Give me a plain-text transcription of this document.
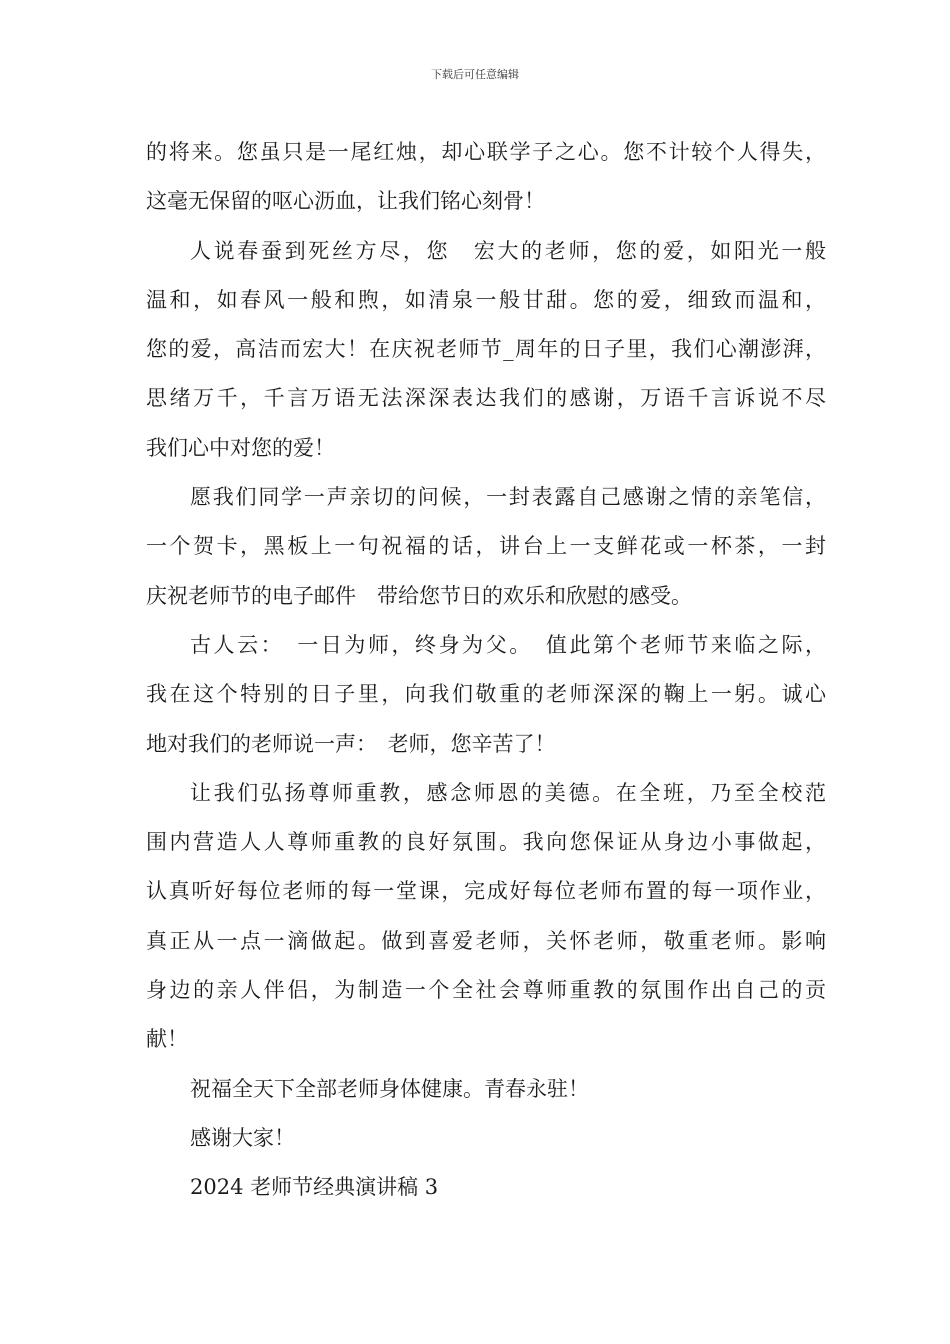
下载后可任意编辑
的将来。您虽只是一尾红烛，却心联学子之心。您不计较个人得失，
这毫无保留的呕心沥血，让我们铭心刻骨！
人说春蚕到死丝方尽，您　宏大的老师，您的爱，如阳光一般
温和，如春风一般和煦，如清泉一般甘甜。您的爱，细致而温和，
您的爱，高洁而宏大！在庆祝老师节_周年的日子里，我们心潮澎湃，
思绪万千，千言万语无法深深表达我们的感谢，万语千言诉说不尽
我们心中对您的爱！
愿我们同学一声亲切的问候，一封表露自己感谢之情的亲笔信，
一个贺卡，黑板上一句祝福的话，讲台上一支鲜花或一杯茶，一封
庆祝老师节的电子邮件　带给您节日的欢乐和欣慰的感受。
古人云：　一日为师，终身为父。　值此第个老师节来临之际，
我在这个特别的日子里，向我们敬重的老师深深的鞠上一躬。诚心
地对我们的老师说一声：　老师，您辛苦了！
让我们弘扬尊师重教，感念师恩的美德。在全班，乃至全校范
围内营造人人尊师重教的良好氛围。我向您保证从身边小事做起，
认真听好每位老师的每一堂课，完成好每位老师布置的每一项作业，
真正从一点一滴做起。做到喜爱老师，关怀老师，敬重老师。影响
身边的亲人伴侣，为制造一个全社会尊师重教的氛围作出自己的贡
献！
祝福全天下全部老师身体健康。青春永驻！
感谢大家！
2024 老师节经典演讲稿 3
